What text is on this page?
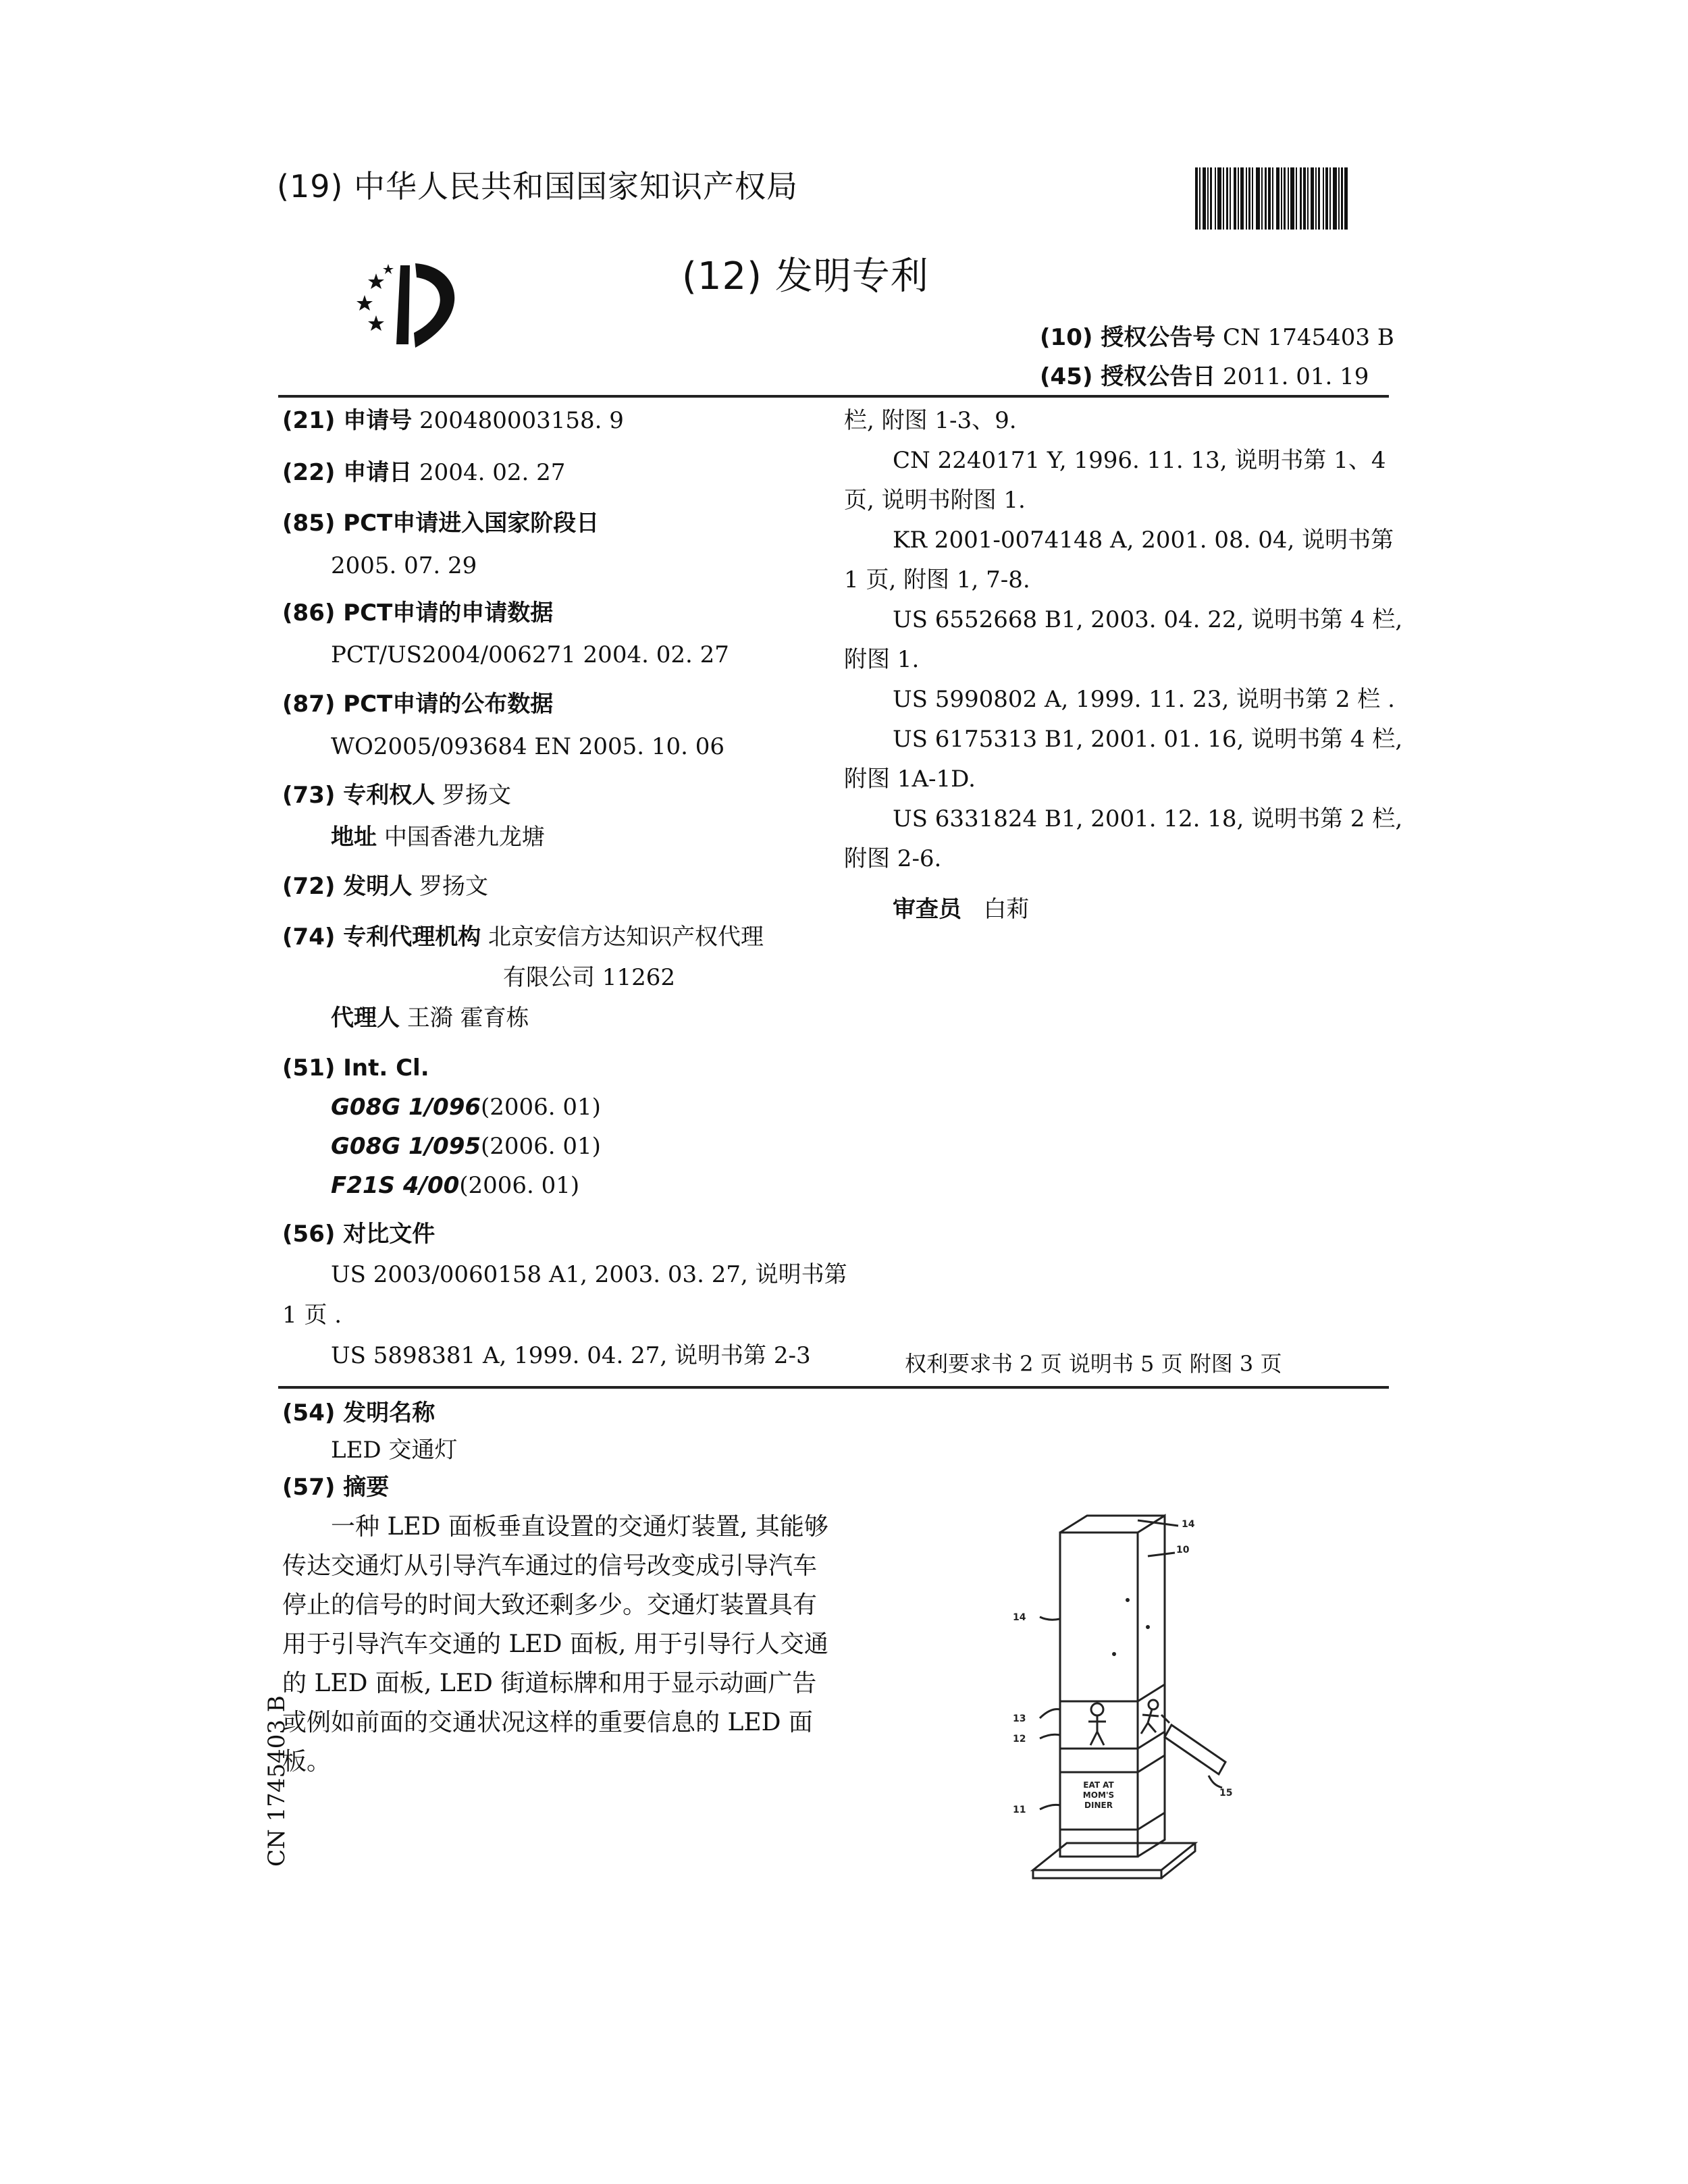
(19) 中华人民共和国国家知识产权局
(12) 发明专利
(10) 授权公告号 CN 1745403 B
(45) 授权公告日 2011. 01. 19
(21) 申请号 200480003158. 9
(22) 申请日 2004. 02. 27
(85) PCT申请进入国家阶段日
2005. 07. 29
(86) PCT申请的申请数据
PCT/US2004/006271 2004. 02. 27
(87) PCT申请的公布数据
WO2005/093684 EN 2005. 10. 06
(73) 专利权人 罗扬文
地址 中国香港九龙塘
(72) 发明人 罗扬文
(74) 专利代理机构 北京安信方达知识产权代理
有限公司 11262
代理人 王漪 霍育栋
(51) Int. Cl.
G08G 1/096(2006. 01)
G08G 1/095(2006. 01)
F21S 4/00(2006. 01)
(56) 对比文件
US 2003/0060158 A1, 2003. 03. 27, 说明书第
1 页 .
US 5898381 A, 1999. 04. 27, 说明书第 2-3
栏, 附图 1-3、9.
CN 2240171 Y, 1996. 11. 13, 说明书第 1、4
页, 说明书附图 1.
KR 2001-0074148 A, 2001. 08. 04, 说明书第
1 页, 附图 1, 7-8.
US 6552668 B1, 2003. 04. 22, 说明书第 4 栏,
附图 1.
US 5990802 A, 1999. 11. 23, 说明书第 2 栏 .
US 6175313 B1, 2001. 01. 16, 说明书第 4 栏,
附图 1A-1D.
US 6331824 B1, 2001. 12. 18, 说明书第 2 栏,
附图 2-6.
审查员 白莉
权利要求书 2 页 说明书 5 页 附图 3 页
(54) 发明名称
LED 交通灯
(57) 摘要
一种 LED 面板垂直设置的交通灯装置, 其能够传达交通灯从引导汽车通过的信号改变成引导汽车停止的信号的时间大致还剩多少。交通灯装置具有用于引导汽车交通的 LED 面板, 用于引导行人交通的 LED 面板, LED 街道标牌和用于显示动画广告或例如前面的交通状况这样的重要信息的 LED 面板。
CN 1745403 B
14
10
14
13
12
11
15
EAT AT
MOM'S
DINER
